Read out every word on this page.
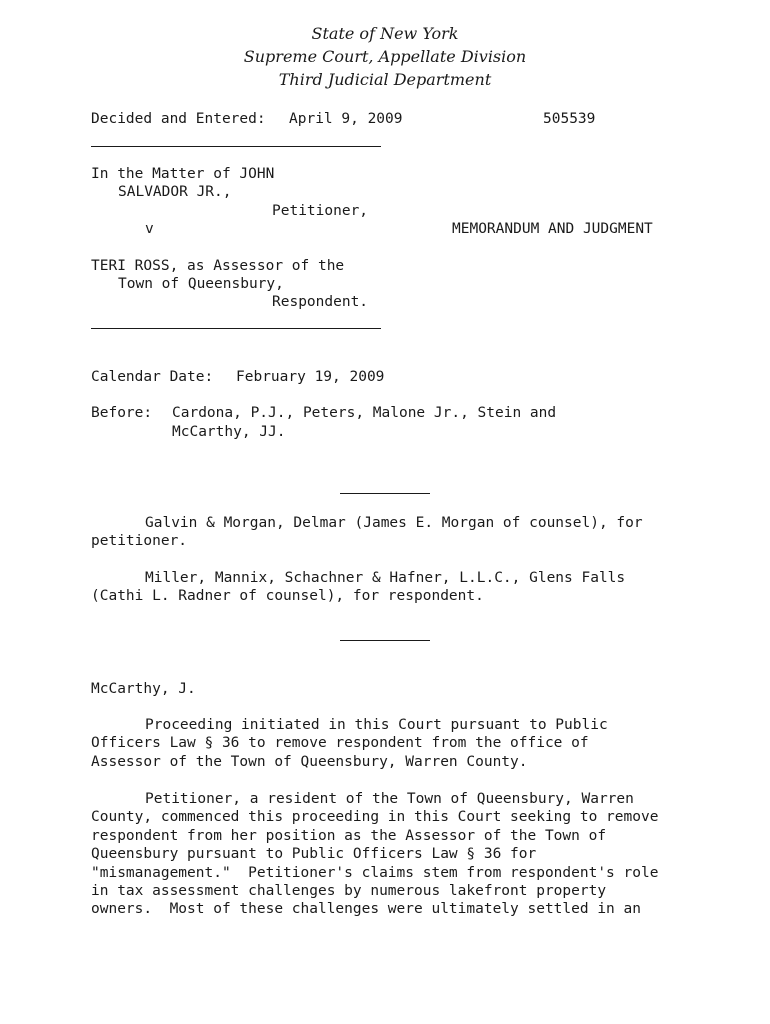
State of New York
Supreme Court, Appellate Division
Third Judicial Department
Decided and Entered: April 9, 2009	505539
In the Matter of JOHN
SALVADOR JR.,
Petitioner,
v	MEMORANDUM AND JUDGMENT
TERI ROSS, as Assessor of the
Town of Queensbury,
Respondent.
Calendar Date: February 19, 2009
Before: Cardona, P.J., Peters, Malone Jr., Stein and
McCarthy, JJ.
Galvin & Morgan, Delmar (James E. Morgan of counsel), for
petitioner.
Miller, Mannix, Schachner & Hafner, L.L.C., Glens Falls
(Cathi L. Radner of counsel), for respondent.
McCarthy, J.
Proceeding initiated in this Court pursuant to Public
Officers Law § 36 to remove respondent from the office of
Assessor of the Town of Queensbury, Warren County.
Petitioner, a resident of the Town of Queensbury, Warren
County, commenced this proceeding in this Court seeking to remove
respondent from her position as the Assessor of the Town of
Queensbury pursuant to Public Officers Law § 36 for
"mismanagement."  Petitioner's claims stem from respondent's role
in tax assessment challenges by numerous lakefront property
owners.  Most of these challenges were ultimately settled in an
